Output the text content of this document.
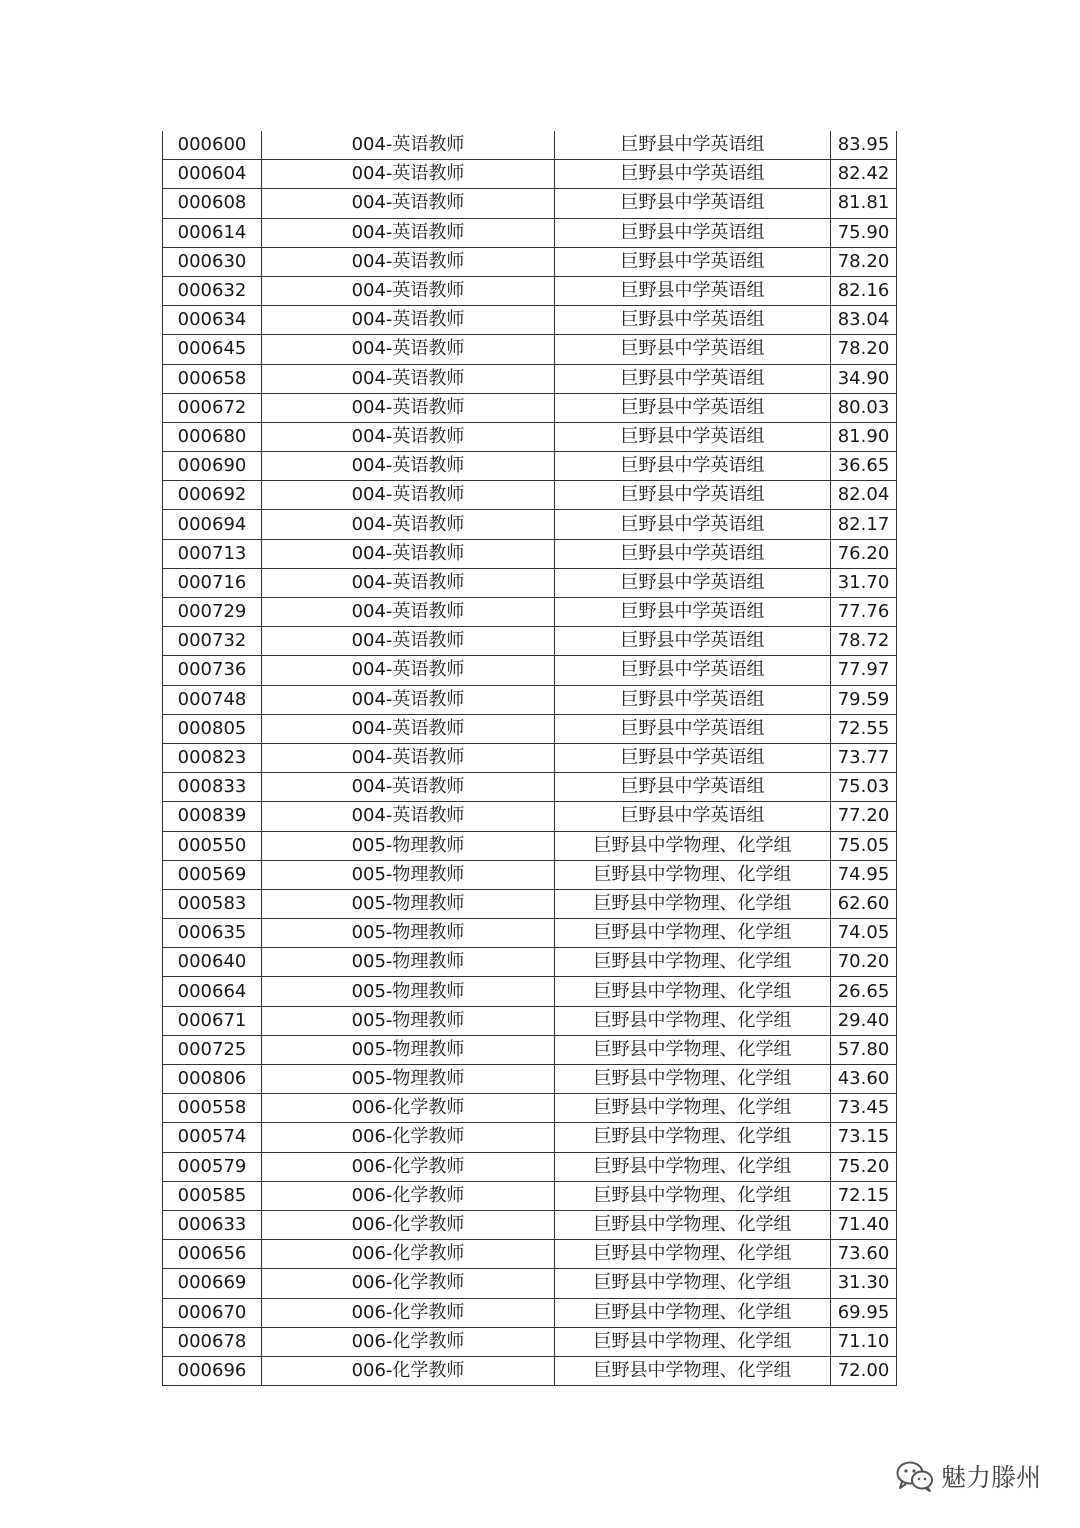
000600	004-英语教师	巨野县中学英语组	83.95
000604	004-英语教师	巨野县中学英语组	82.42
000608	004-英语教师	巨野县中学英语组	81.81
000614	004-英语教师	巨野县中学英语组	75.90
000630	004-英语教师	巨野县中学英语组	78.20
000632	004-英语教师	巨野县中学英语组	82.16
000634	004-英语教师	巨野县中学英语组	83.04
000645	004-英语教师	巨野县中学英语组	78.20
000658	004-英语教师	巨野县中学英语组	34.90
000672	004-英语教师	巨野县中学英语组	80.03
000680	004-英语教师	巨野县中学英语组	81.90
000690	004-英语教师	巨野县中学英语组	36.65
000692	004-英语教师	巨野县中学英语组	82.04
000694	004-英语教师	巨野县中学英语组	82.17
000713	004-英语教师	巨野县中学英语组	76.20
000716	004-英语教师	巨野县中学英语组	31.70
000729	004-英语教师	巨野县中学英语组	77.76
000732	004-英语教师	巨野县中学英语组	78.72
000736	004-英语教师	巨野县中学英语组	77.97
000748	004-英语教师	巨野县中学英语组	79.59
000805	004-英语教师	巨野县中学英语组	72.55
000823	004-英语教师	巨野县中学英语组	73.77
000833	004-英语教师	巨野县中学英语组	75.03
000839	004-英语教师	巨野县中学英语组	77.20
000550	005-物理教师	巨野县中学物理、化学组	75.05
000569	005-物理教师	巨野县中学物理、化学组	74.95
000583	005-物理教师	巨野县中学物理、化学组	62.60
000635	005-物理教师	巨野县中学物理、化学组	74.05
000640	005-物理教师	巨野县中学物理、化学组	70.20
000664	005-物理教师	巨野县中学物理、化学组	26.65
000671	005-物理教师	巨野县中学物理、化学组	29.40
000725	005-物理教师	巨野县中学物理、化学组	57.80
000806	005-物理教师	巨野县中学物理、化学组	43.60
000558	006-化学教师	巨野县中学物理、化学组	73.45
000574	006-化学教师	巨野县中学物理、化学组	73.15
000579	006-化学教师	巨野县中学物理、化学组	75.20
000585	006-化学教师	巨野县中学物理、化学组	72.15
000633	006-化学教师	巨野县中学物理、化学组	71.40
000656	006-化学教师	巨野县中学物理、化学组	73.60
000669	006-化学教师	巨野县中学物理、化学组	31.30
000670	006-化学教师	巨野县中学物理、化学组	69.95
000678	006-化学教师	巨野县中学物理、化学组	71.10
000696	006-化学教师	巨野县中学物理、化学组	72.00
魅力滕州
